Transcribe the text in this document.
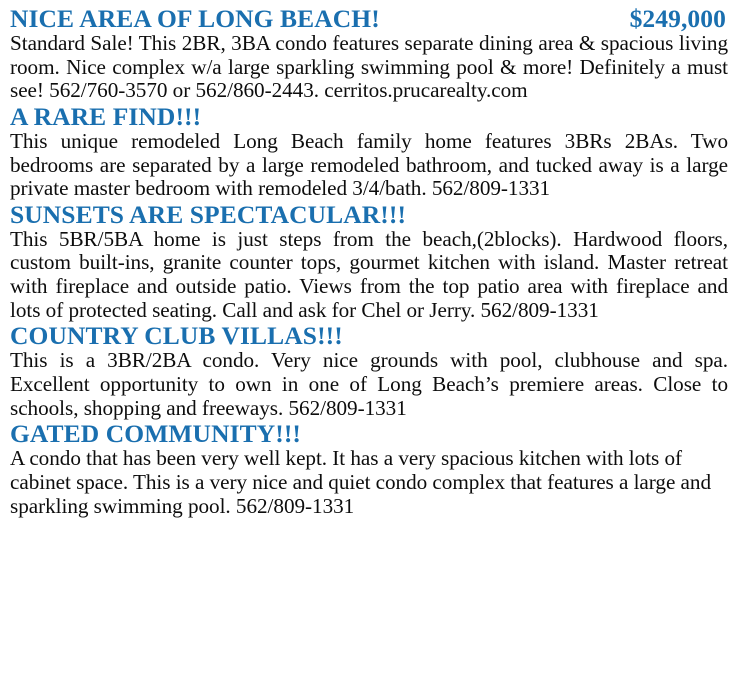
NICE AREA OF LONG BEACH!	$249,000
Standard Sale! This 2BR, 3BA condo features separate dining area & spacious living room. Nice complex w/a large sparkling swimming pool & more! Definitely a must see! 562/760-3570 or 562/860-2443. cerritos.prucarealty.com
A RARE FIND!!!
This unique remodeled Long Beach family home features 3BRs 2BAs. Two bedrooms are separated by a large remodeled bathroom, and tucked away is a large private master bedroom with remodeled 3/4/bath. 562/809-1331
SUNSETS ARE SPECTACULAR!!!
This 5BR/5BA home is just steps from the beach,(2blocks). Hardwood floors, custom built-ins, granite counter tops, gourmet kitchen with island. Master retreat with fireplace and outside patio. Views from the top patio area with fireplace and lots of protected seating. Call and ask for Chel or Jerry. 562/809-1331
COUNTRY CLUB VILLAS!!!
This is a 3BR/2BA condo. Very nice grounds with pool, clubhouse and spa. Excellent opportunity to own in one of Long Beach’s premiere areas. Close to schools, shopping and freeways. 562/809-1331
GATED COMMUNITY!!!
A condo that has been very well kept. It has a very spacious kitchen with lots of cabinet space. This is a very nice and quiet condo complex that features a large and sparkling swimming pool. 562/809-1331
